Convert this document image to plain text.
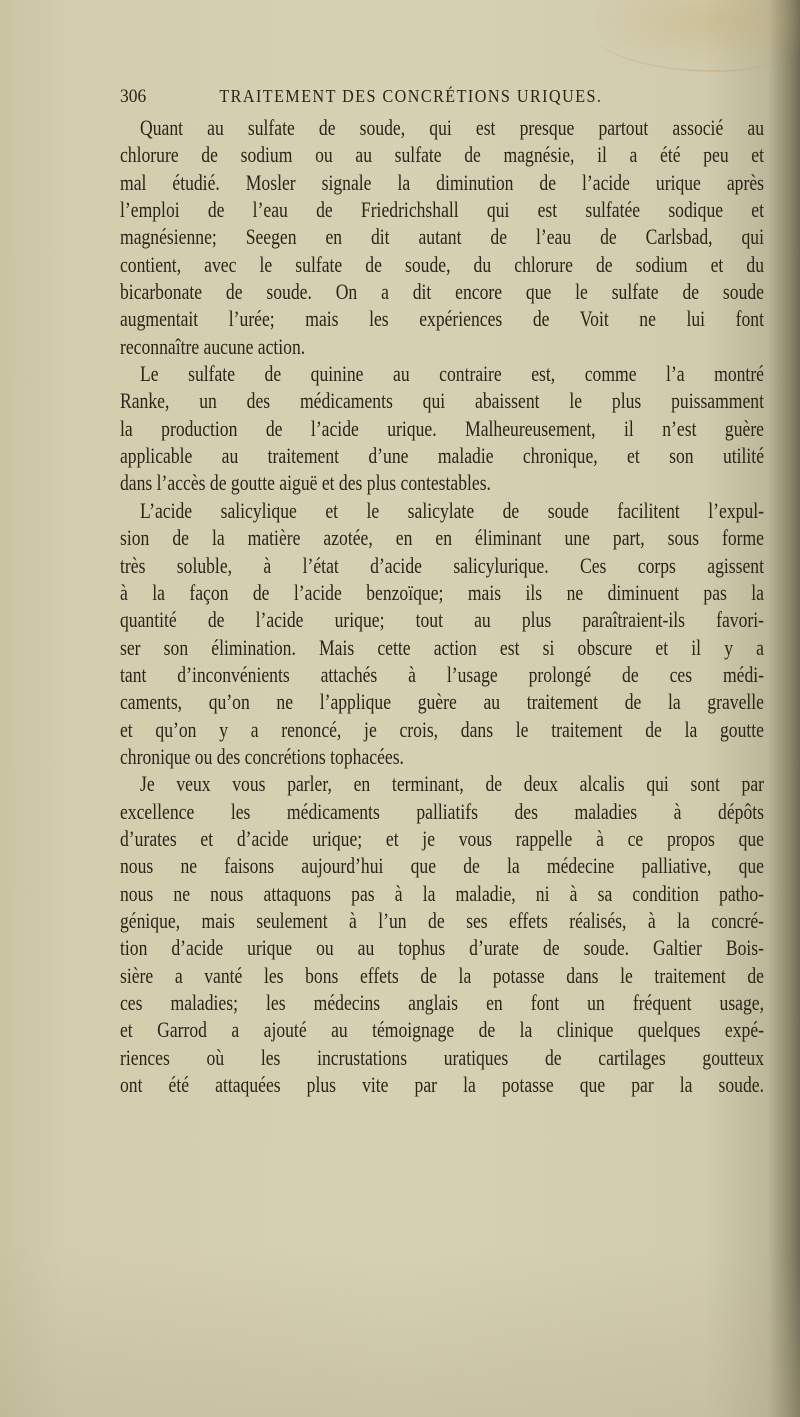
306	TRAITEMENT DES CONCRÉTIONS URIQUES.
Quant au sulfate de soude, qui est presque partout associé au
chlorure de sodium ou au sulfate de magnésie, il a été peu et
mal étudié. Mosler signale la diminution de l’acide urique après
l’emploi de l’eau de Friedrichshall qui est sulfatée sodique et
magnésienne; Seegen en dit autant de l’eau de Carlsbad, qui
contient, avec le sulfate de soude, du chlorure de sodium et du
bicarbonate de soude. On a dit encore que le sulfate de soude
augmentait l’urée; mais les expériences de Voit ne lui font
reconnaître aucune action.
Le sulfate de quinine au contraire est, comme l’a montré
Ranke, un des médicaments qui abaissent le plus puissamment
la production de l’acide urique. Malheureusement, il n’est guère
applicable au traitement d’une maladie chronique, et son utilité
dans l’accès de goutte aiguë et des plus contestables.
L’acide salicylique et le salicylate de soude facilitent l’expul-
sion de la matière azotée, en en éliminant une part, sous forme
très soluble, à l’état d’acide salicylurique. Ces corps agissent
à la façon de l’acide benzoïque; mais ils ne diminuent pas la
quantité de l’acide urique; tout au plus paraîtraient-ils favori-
ser son élimination. Mais cette action est si obscure et il y a
tant d’inconvénients attachés à l’usage prolongé de ces médi-
caments, qu’on ne l’applique guère au traitement de la gravelle
et qu’on y a renoncé, je crois, dans le traitement de la goutte
chronique ou des concrétions tophacées.
Je veux vous parler, en terminant, de deux alcalis qui sont par
excellence les médicaments palliatifs des maladies à dépôts
d’urates et d’acide urique; et je vous rappelle à ce propos que
nous ne faisons aujourd’hui que de la médecine palliative, que
nous ne nous attaquons pas à la maladie, ni à sa condition patho-
génique, mais seulement à l’un de ses effets réalisés, à la concré-
tion d’acide urique ou au tophus d’urate de soude. Galtier Bois-
sière a vanté les bons effets de la potasse dans le traitement de
ces maladies; les médecins anglais en font un fréquent usage,
et Garrod a ajouté au témoignage de la clinique quelques expé-
riences où les incrustations uratiques de cartilages goutteux
ont été attaquées plus vite par la potasse que par la soude.
